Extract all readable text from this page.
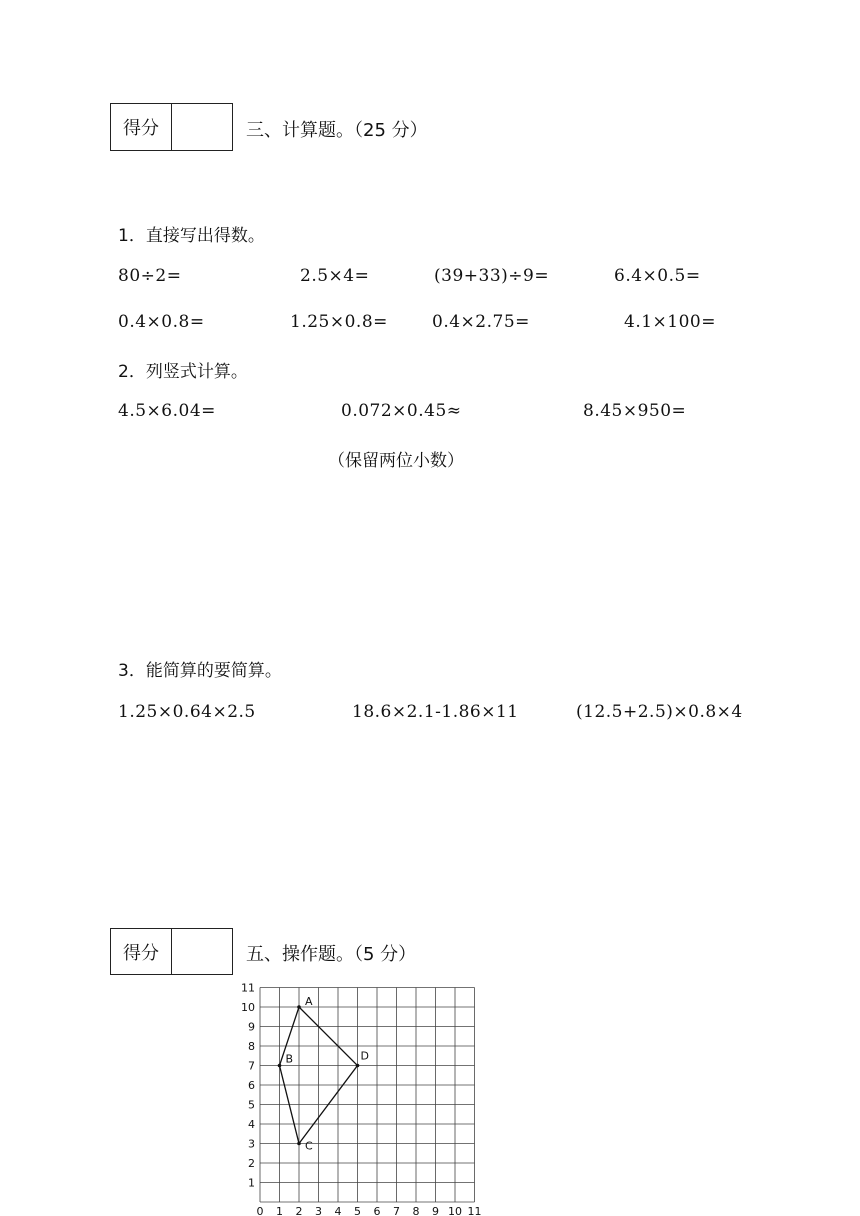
得分	三、计算题。（25 分）
1．直接写出得数。
80÷2=	2.5×4=	(39+33)÷9=	6.4×0.5=
0.4×0.8=	1.25×0.8=	0.4×2.75=	4.1×100=
2．列竖式计算。
4.5×6.04=	0.072×0.45≈	8.45×950=
（保留两位小数）
3．能简算的要简算。
1.25×0.64×2.5	18.6×2.1-1.86×11	(12.5+2.5)×0.8×4
得分	五、操作题。（5 分）
0 1 2 3 4 5 6 7 8 9 10 11
1
2
3
4
5
6
7
8
9
10
11
A
D
C
B
